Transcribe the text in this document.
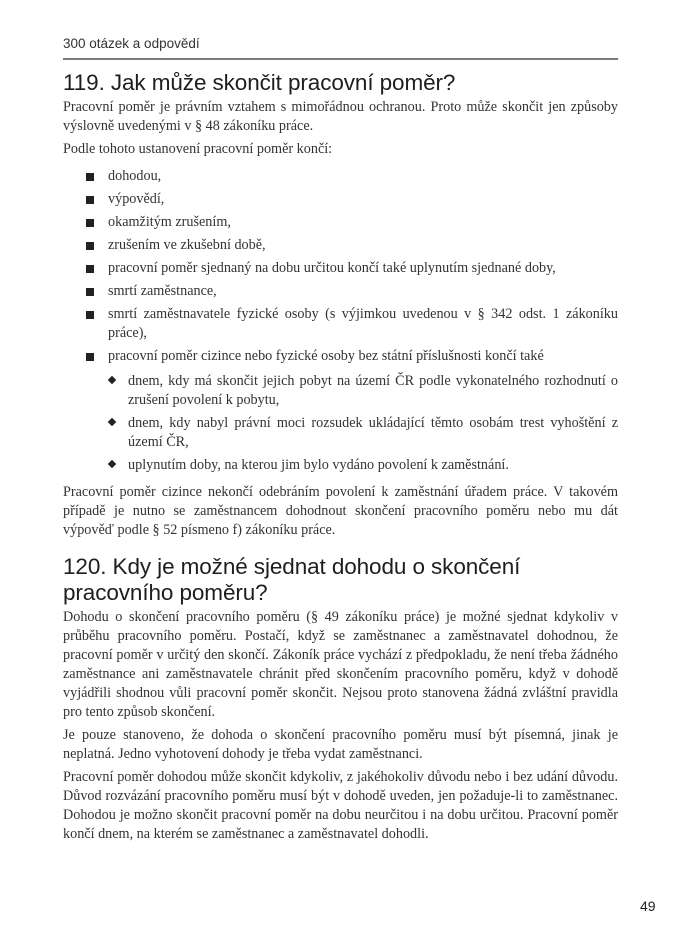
300 otázek a odpovědí
119. Jak může skončit pracovní poměr?

Pracovní poměr je právním vztahem s mimořádnou ochranou. Proto může skončit jen způsoby výslovně uvedenými v § 48 zákoníku práce.

Podle tohoto ustanovení pracovní poměr končí:

dohodou,
výpovědí,
okamžitým zrušením,
zrušením ve zkušební době,
pracovní poměr sjednaný na dobu určitou končí také uplynutím sjednané doby,
smrtí zaměstnance,
smrtí zaměstnavatele fyzické osoby (s výjimkou uvedenou v § 342 odst. 1 zákoníku práce),
pracovní poměr cizince nebo fyzické osoby bez státní příslušnosti končí také
dnem, kdy má skončit jejich pobyt na území ČR podle vykonatelného rozhodnutí o zrušení povolení k pobytu,
dnem, kdy nabyl právní moci rozsudek ukládající těmto osobám trest vyhoštění z území ČR,
uplynutím doby, na kterou jim bylo vydáno povolení k zaměstnání.

Pracovní poměr cizince nekončí odebráním povolení k zaměstnání úřadem práce. V takovém případě je nutno se zaměstnancem dohodnout skončení pracovního poměru nebo mu dát výpověď podle § 52 písmeno f) zákoníku práce.

120. Kdy je možné sjednat dohodu o skončení pracovního poměru?

Dohodu o skončení pracovního poměru (§ 49 zákoníku práce) je možné sjednat kdykoliv v průběhu pracovního poměru. Postačí, když se zaměstnanec a zaměstnavatel dohodnou, že pracovní poměr v určitý den skončí. Zákoník práce vychází z předpokladu, že není třeba žádného zaměstnance ani zaměstnavatele chránit před skončením pracovního poměru, když v dohodě vyjádřili shodnou vůli pracovní poměr skončit. Nejsou proto stanovena žádná zvláštní pravidla pro tento způsob skončení.

Je pouze stanoveno, že dohoda o skončení pracovního poměru musí být písemná, jinak je neplatná. Jedno vyhotovení dohody je třeba vydat zaměstnanci.

Pracovní poměr dohodou může skončit kdykoliv, z jakéhokoliv důvodu nebo i bez udání důvodu. Důvod rozvázání pracovního poměru musí být v dohodě uveden, jen požaduje-li to zaměstnanec. Dohodou je možno skončit pracovní poměr na dobu neurčitou i na dobu určitou. Pracovní poměr končí dnem, na kterém se zaměstnanec a zaměstnavatel dohodli.

49
